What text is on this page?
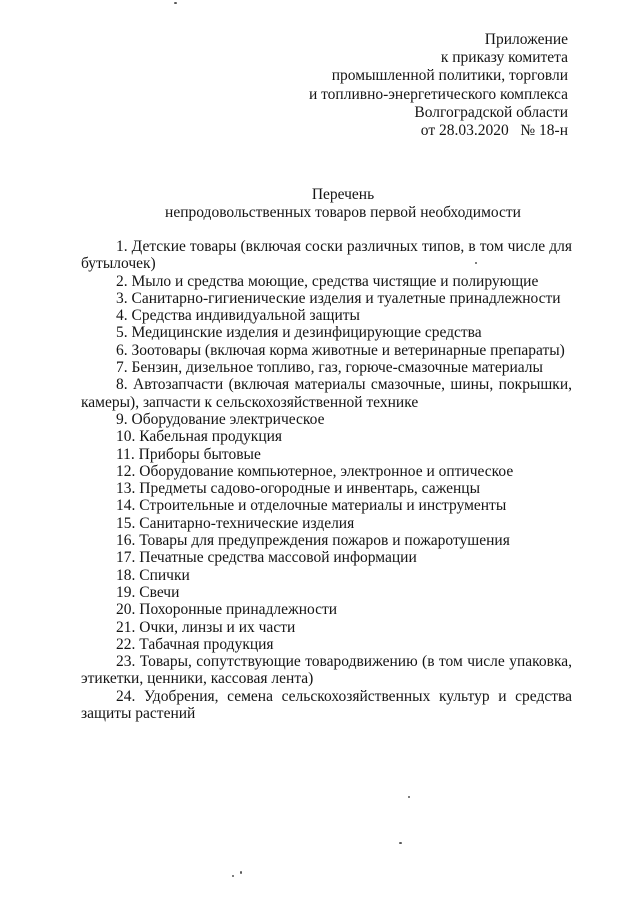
Приложение
к приказу комитета
промышленной политики, торговли
и топливно-энергетического комплекса
Волгоградской области
от 28.03.2020   № 18-н
Перечень
непродовольственных товаров первой необходимости
1. Детские товары (включая соски различных типов, в том числе для бутылочек)
2. Мыло и средства моющие, средства чистящие и полирующие
3. Санитарно-гигиенические изделия и туалетные принадлежности
4. Средства индивидуальной защиты
5. Медицинские изделия и дезинфицирующие средства
6. Зоотовары (включая корма животные и ветеринарные препараты)
7. Бензин, дизельное топливо, газ, горюче-смазочные материалы
8. Автозапчасти (включая материалы смазочные, шины, покрышки, камеры), запчасти к сельскохозяйственной технике
9. Оборудование электрическое
10. Кабельная продукция
11. Приборы бытовые
12. Оборудование компьютерное, электронное и оптическое
13. Предметы садово-огородные и инвентарь, саженцы
14. Строительные и отделочные материалы и инструменты
15. Санитарно-технические изделия
16. Товары для предупреждения пожаров и пожаротушения
17. Печатные средства массовой информации
18. Спички
19. Свечи
20. Похоронные принадлежности
21. Очки, линзы и их части
22. Табачная продукция
23. Товары, сопутствующие товародвижению (в том числе упаковка, этикетки, ценники, кассовая лента)
24. Удобрения, семена сельскохозяйственных культур и средства защиты растений
